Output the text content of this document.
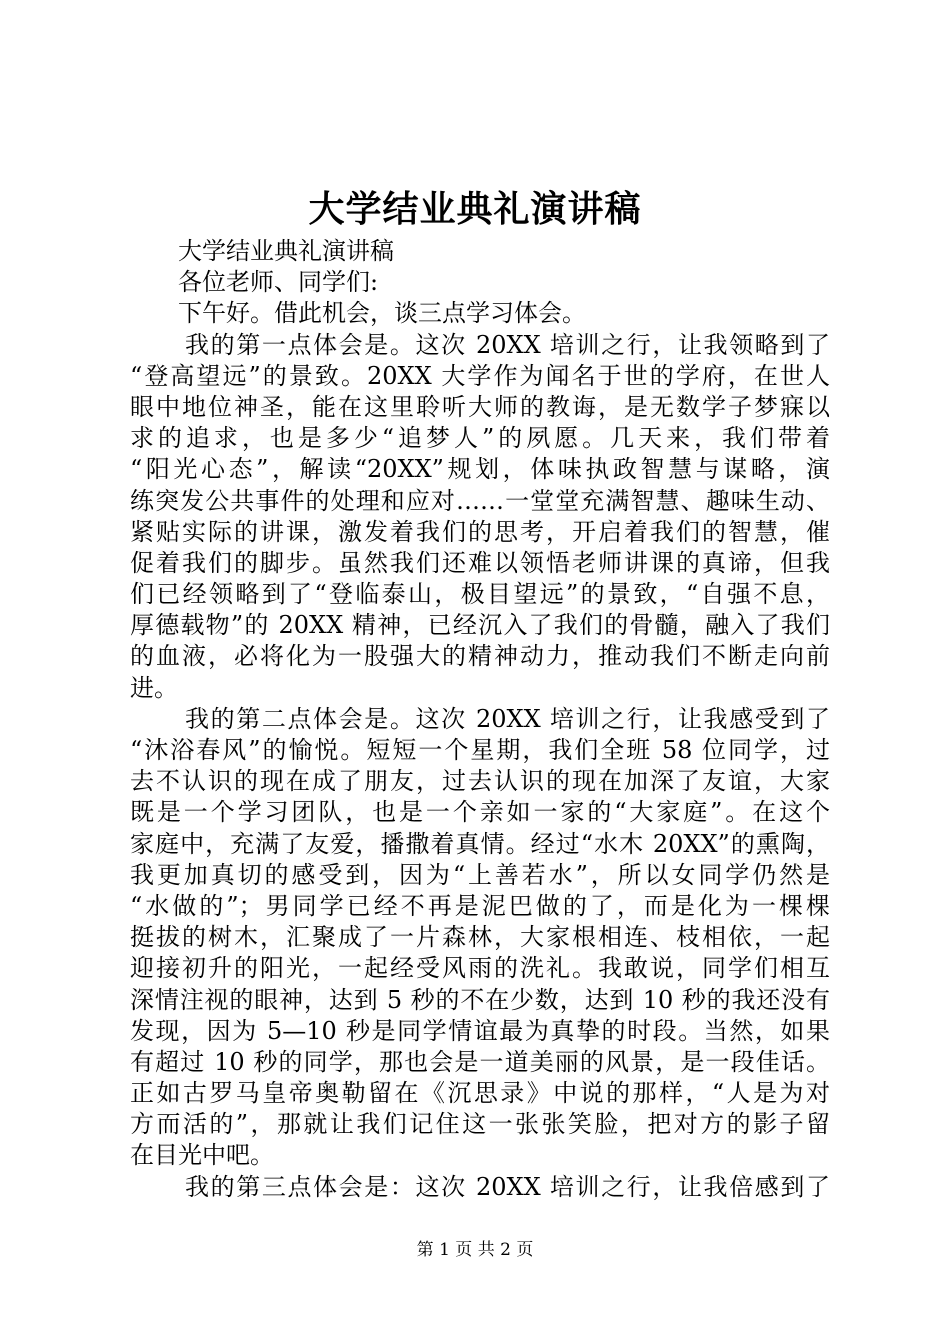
大学结业典礼演讲稿
大学结业典礼演讲稿
各位老师、同学们:
下午好。借此机会，谈三点学习体会。
我的第一点体会是。这次 20XX 培训之行，让我领略到了
“登高望远”的景致。20XX 大学作为闻名于世的学府，在世人
眼中地位神圣，能在这里聆听大师的教诲，是无数学子梦寐以
求的追求，也是多少“追梦人”的夙愿。几天来，我们带着
“阳光心态”，解读“20XX”规划，体味执政智慧与谋略，演
练突发公共事件的处理和应对……一堂堂充满智慧、趣味生动、
紧贴实际的讲课，激发着我们的思考，开启着我们的智慧，催
促着我们的脚步。虽然我们还难以领悟老师讲课的真谛，但我
们已经领略到了“登临泰山，极目望远”的景致，“自强不息，
厚德载物”的 20XX 精神，已经沉入了我们的骨髓，融入了我们
的血液，必将化为一股强大的精神动力，推动我们不断走向前
进。
我的第二点体会是。这次 20XX 培训之行，让我感受到了
“沐浴春风”的愉悦。短短一个星期，我们全班 58 位同学，过
去不认识的现在成了朋友，过去认识的现在加深了友谊，大家
既是一个学习团队，也是一个亲如一家的“大家庭”。在这个
家庭中，充满了友爱，播撒着真情。经过“水木 20XX”的熏陶，
我更加真切的感受到，因为“上善若水”，所以女同学仍然是
“水做的”；男同学已经不再是泥巴做的了，而是化为一棵棵
挺拔的树木，汇聚成了一片森林，大家根相连、枝相依，一起
迎接初升的阳光，一起经受风雨的洗礼。我敢说，同学们相互
深情注视的眼神，达到 5 秒的不在少数，达到 10 秒的我还没有
发现，因为 5—10 秒是同学情谊最为真挚的时段。当然，如果
有超过 10 秒的同学，那也会是一道美丽的风景，是一段佳话。
正如古罗马皇帝奥勒留在《沉思录》中说的那样，“人是为对
方而活的”，那就让我们记住这一张张笑脸，把对方的影子留
在目光中吧。
我的第三点体会是：这次 20XX 培训之行，让我倍感到了
第 1 页 共 2 页
